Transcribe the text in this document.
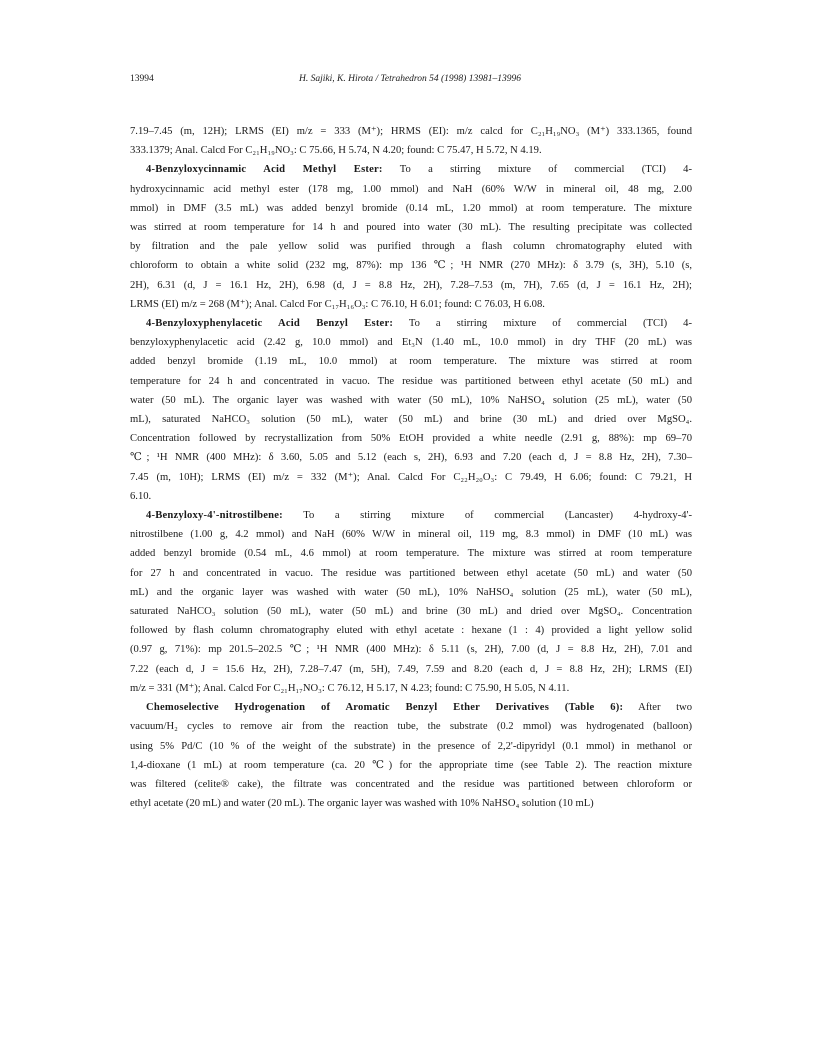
13994	H. Sajiki, K. Hirota / Tetrahedron 54 (1998) 13981–13996
7.19–7.45 (m, 12H); LRMS (EI) m/z = 333 (M⁺); HRMS (EI): m/z calcd for C₂₁H₁₉NO₃ (M⁺) 333.1365, found
333.1379; Anal. Calcd For C₂₁H₁₉NO₃: C 75.66, H 5.74, N 4.20; found: C 75.47, H 5.72, N 4.19.
4-Benzyloxycinnamic Acid Methyl Ester: To a stirring mixture of commercial (TCI) 4-
hydroxycinnamic acid methyl ester (178 mg, 1.00 mmol) and NaH (60% W/W in mineral oil, 48 mg, 2.00
mmol) in DMF (3.5 mL) was added benzyl bromide (0.14 mL, 1.20 mmol) at room temperature. The mixture
was stirred at room temperature for 14 h and poured into water (30 mL). The resulting precipitate was collected
by filtration and the pale yellow solid was purified through a flash column chromatography eluted with
chloroform to obtain a white solid (232 mg, 87%): mp 136 ℃; ¹H NMR (270 MHz): δ 3.79 (s, 3H), 5.10 (s,
2H), 6.31 (d, J = 16.1 Hz, 2H), 6.98 (d, J = 8.8 Hz, 2H), 7.28–7.53 (m, 7H), 7.65 (d, J = 16.1 Hz, 2H);
LRMS (EI) m/z = 268 (M⁺); Anal. Calcd For C₁₇H₁₆O₃: C 76.10, H 6.01; found: C 76.03, H 6.08.
4-Benzyloxyphenylacetic Acid Benzyl Ester: To a stirring mixture of commercial (TCI) 4-
benzyloxyphenylacetic acid (2.42 g, 10.0 mmol) and Et₃N (1.40 mL, 10.0 mmol) in dry THF (20 mL) was
added benzyl bromide (1.19 mL, 10.0 mmol) at room temperature. The mixture was stirred at room
temperature for 24 h and concentrated in vacuo. The residue was partitioned between ethyl acetate (50 mL) and
water (50 mL). The organic layer was washed with water (50 mL), 10% NaHSO₄ solution (25 mL), water (50
mL), saturated NaHCO₃ solution (50 mL), water (50 mL) and brine (30 mL) and dried over MgSO₄.
Concentration followed by recrystallization from 50% EtOH provided a white needle (2.91 g, 88%): mp 69–70
℃; ¹H NMR (400 MHz): δ 3.60, 5.05 and 5.12 (each s, 2H), 6.93 and 7.20 (each d, J = 8.8 Hz, 2H), 7.30–
7.45 (m, 10H); LRMS (EI) m/z = 332 (M⁺); Anal. Calcd For C₂₂H₂₀O₃: C 79.49, H 6.06; found: C 79.21, H
6.10.
4-Benzyloxy-4'-nitrostilbene: To a stirring mixture of commercial (Lancaster) 4-hydroxy-4'-
nitrostilbene (1.00 g, 4.2 mmol) and NaH (60% W/W in mineral oil, 119 mg, 8.3 mmol) in DMF (10 mL) was
added benzyl bromide (0.54 mL, 4.6 mmol) at room temperature. The mixture was stirred at room temperature
for 27 h and concentrated in vacuo. The residue was partitioned between ethyl acetate (50 mL) and water (50
mL) and the organic layer was washed with water (50 mL), 10% NaHSO₄ solution (25 mL), water (50 mL),
saturated NaHCO₃ solution (50 mL), water (50 mL) and brine (30 mL) and dried over MgSO₄. Concentration
followed by flash column chromatography eluted with ethyl acetate : hexane (1 : 4) provided a light yellow solid
(0.97 g, 71%): mp 201.5–202.5 ℃; ¹H NMR (400 MHz): δ 5.11 (s, 2H), 7.00 (d, J = 8.8 Hz, 2H), 7.01 and
7.22 (each d, J = 15.6 Hz, 2H), 7.28–7.47 (m, 5H), 7.49, 7.59 and 8.20 (each d, J = 8.8 Hz, 2H); LRMS (EI)
m/z = 331 (M⁺); Anal. Calcd For C₂₁H₁₇NO₃: C 76.12, H 5.17, N 4.23; found: C 75.90, H 5.05, N 4.11.
Chemoselective Hydrogenation of Aromatic Benzyl Ether Derivatives (Table 6): After two
vacuum/H₂ cycles to remove air from the reaction tube, the substrate (0.2 mmol) was hydrogenated (balloon)
using 5% Pd/C (10 % of the weight of the substrate) in the presence of 2,2'-dipyridyl (0.1 mmol) in methanol or
1,4-dioxane (1 mL) at room temperature (ca. 20 ℃) for the appropriate time (see Table 2). The reaction mixture
was filtered (celite® cake), the filtrate was concentrated and the residue was partitioned between chloroform or
ethyl acetate (20 mL) and water (20 mL). The organic layer was washed with 10% NaHSO₄ solution (10 mL)
